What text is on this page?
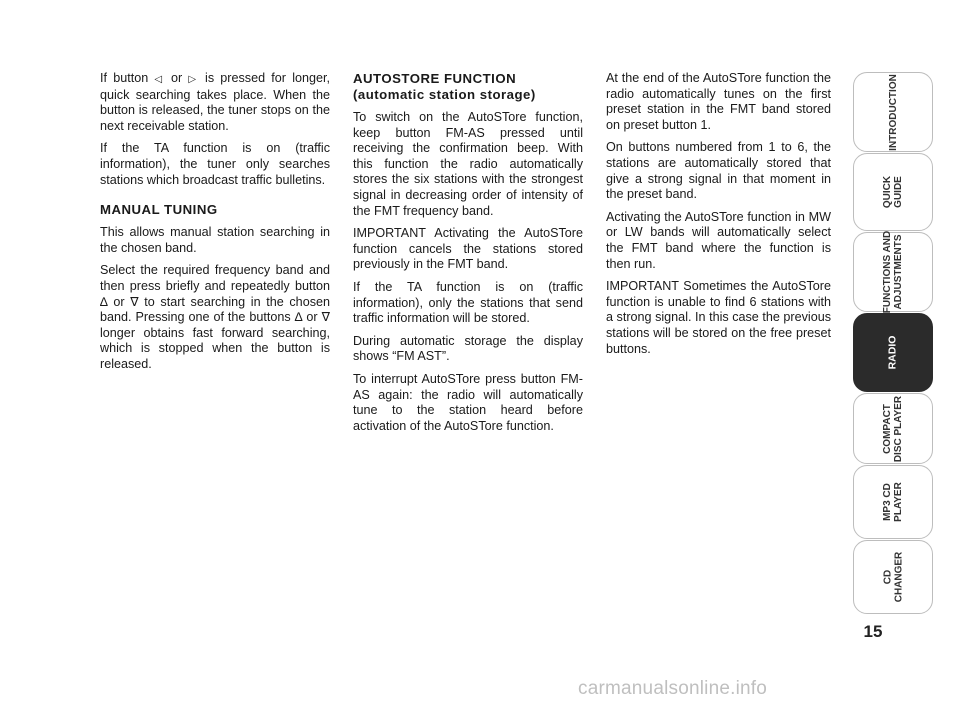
If button ◁ or ▷ is pressed for longer, quick searching takes place. When the button is released, the tuner stops on the next receivable station.

If the TA function is on (traffic information), the tuner only searches stations which broadcast traffic bulletins.

MANUAL TUNING

This allows manual station searching in the chosen band.

Select the required frequency band and then press briefly and repeatedly button ∆ or ∇ to start searching in the chosen band. Pressing one of the buttons ∆ or ∇ longer obtains fast forward searching, which is stopped when the button is released.

AUTOSTORE FUNCTION
(automatic station storage)

To switch on the AutoSTore function, keep button FM-AS pressed until receiving the confirmation beep. With this function the radio automatically stores the six stations with the strongest signal in decreasing order of intensity of the FMT frequency band.

IMPORTANT Activating the AutoSTore function cancels the stations stored previously in the FMT band.

If the TA function is on (traffic information), only the stations that send traffic information will be stored.

During automatic storage the display shows “FM AST”.

To interrupt AutoSTore press button FM-AS again: the radio will automatically tune to the station heard before activation of the AutoSTore function.

At the end of the AutoSTore function the radio automatically tunes on the first preset station in the FMT band stored on preset button 1.

On buttons numbered from 1 to 6, the stations are automatically stored that give a strong signal in that moment in the preset band.

Activating the AutoSTore function in MW or LW bands will automatically select the FMT band where the function is then run.

IMPORTANT Sometimes the AutoSTore function is unable to find 6 stations with a strong signal. In this case the previous stations will be stored on the free preset buttons.

INTRODUCTION
QUICK
GUIDE
FUNCTIONS AND
ADJUSTMENTS
RADIO
COMPACT
DISC PLAYER
MP3 CD
PLAYER
CD
CHANGER
15
carmanualsonline.info
